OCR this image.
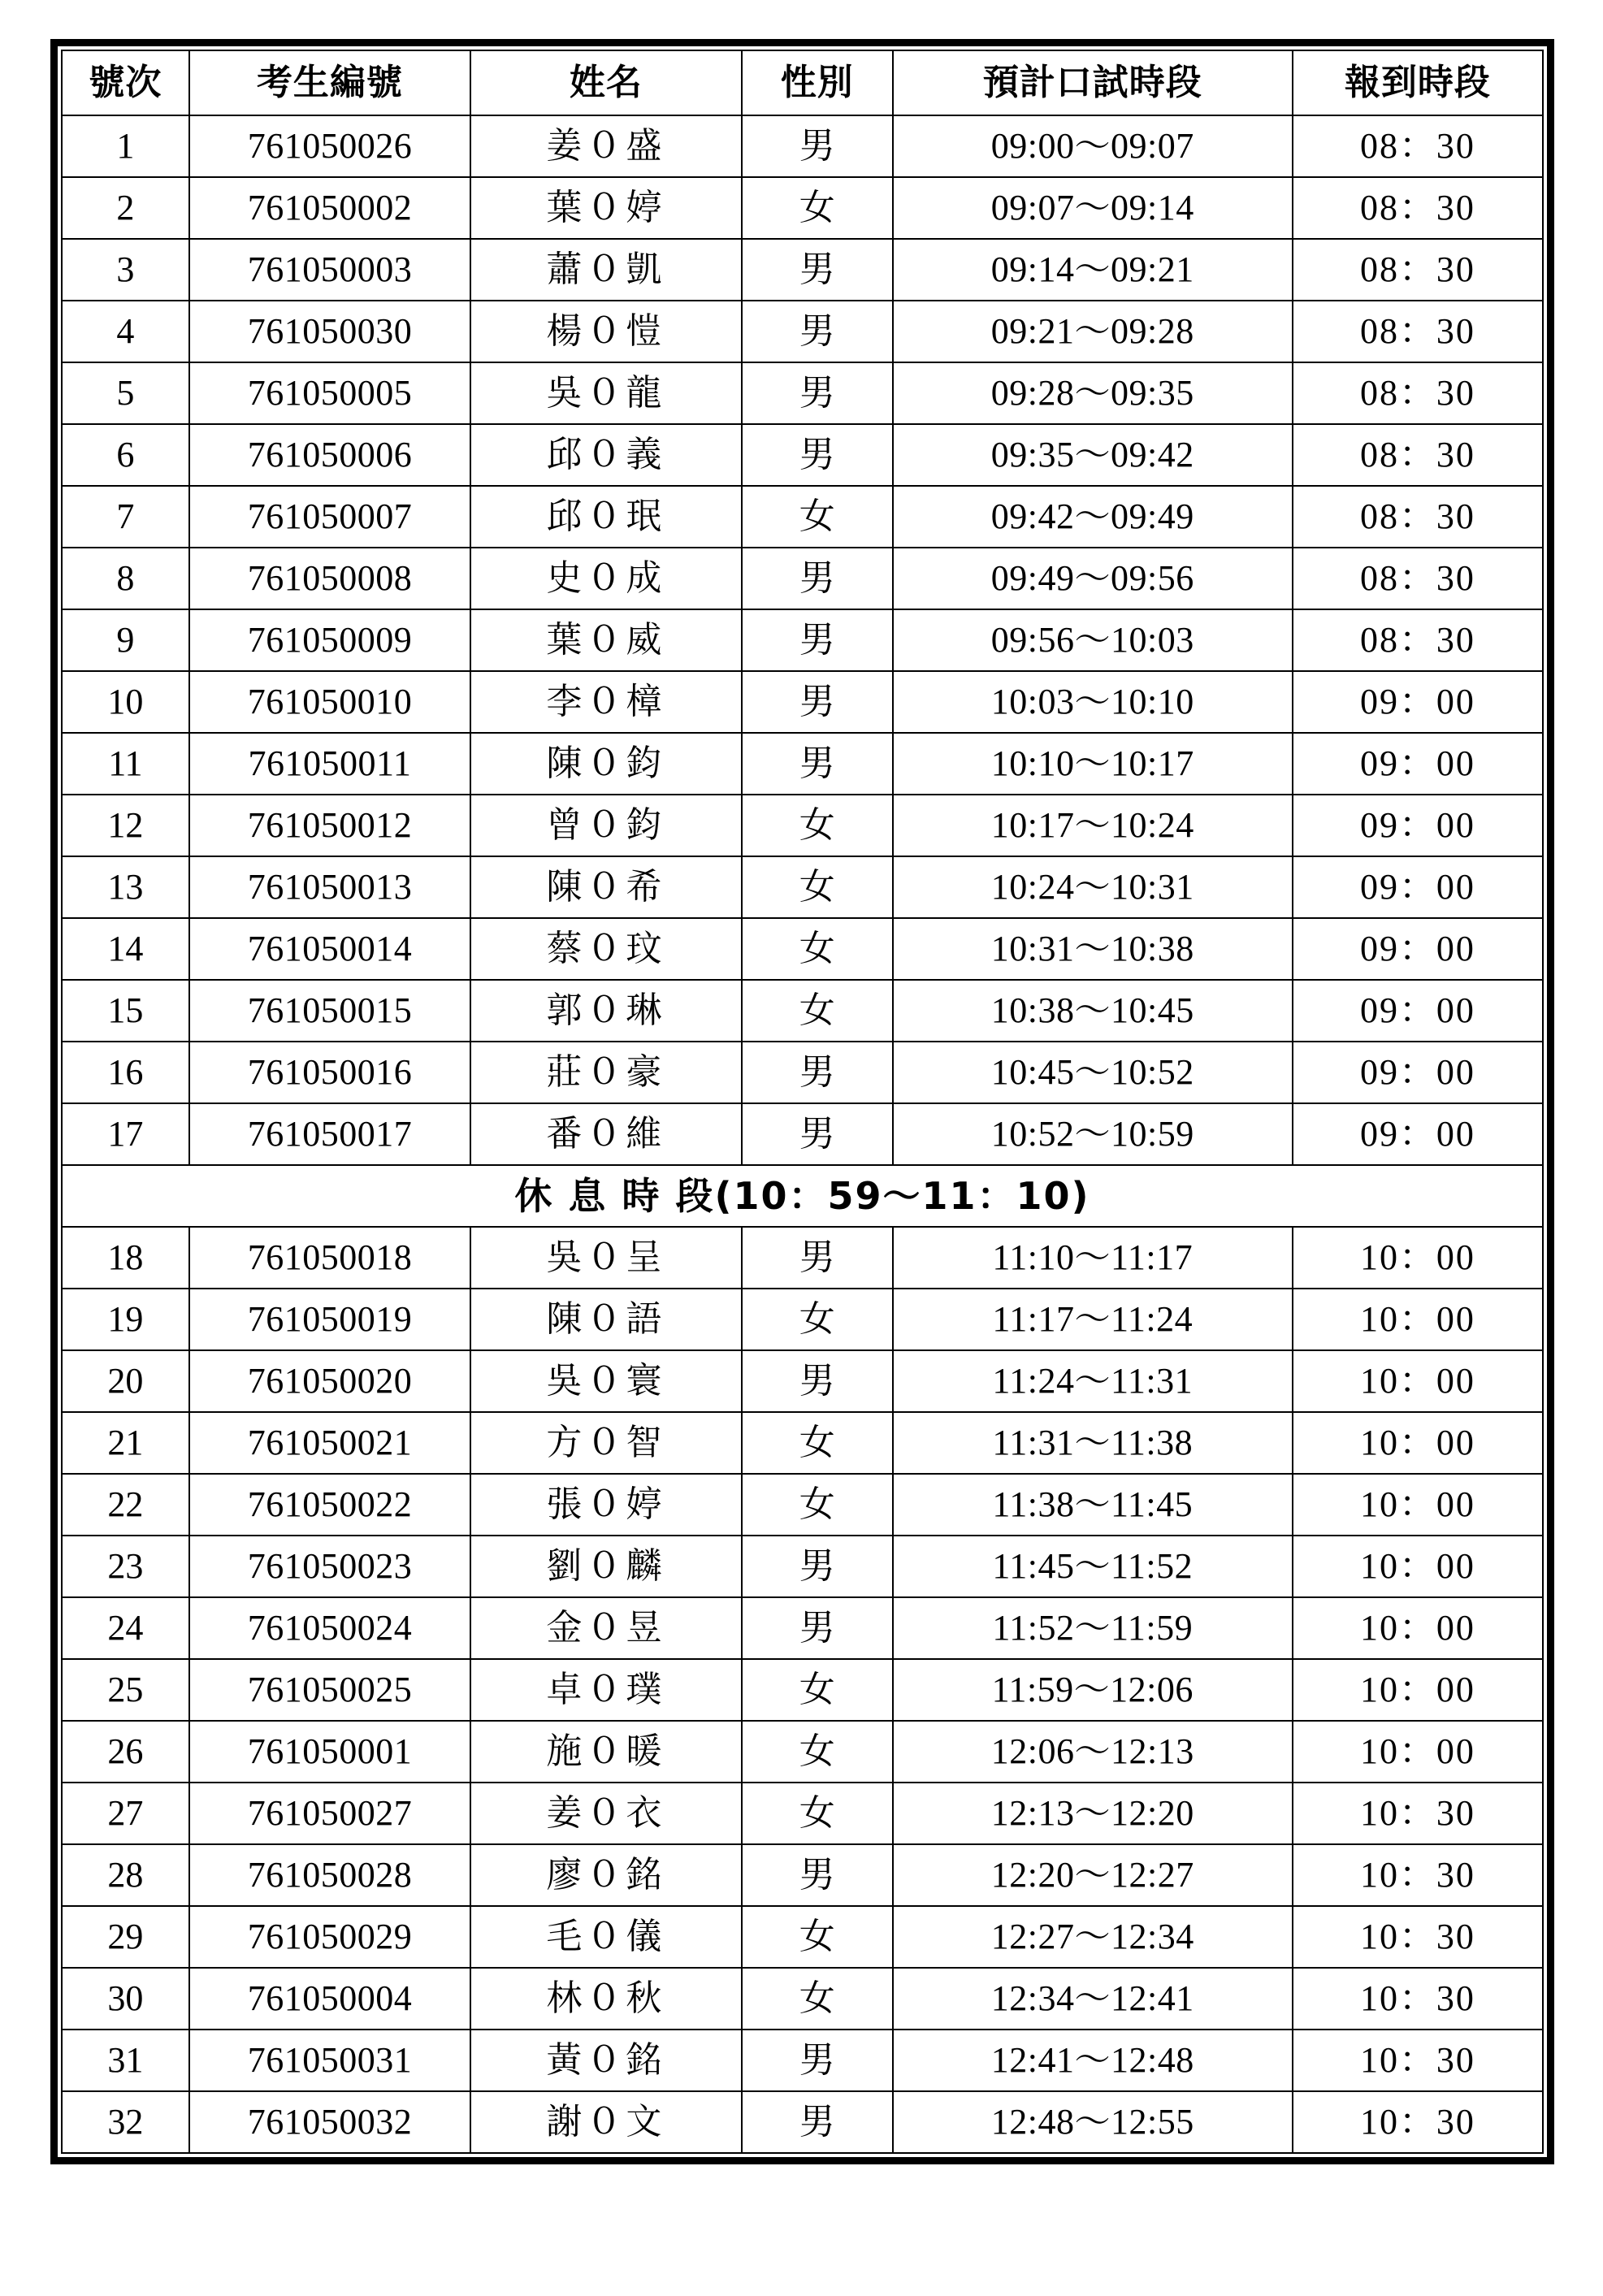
號次	考生編號	姓名	性別	預計口試時段	報到時段
1	761050026	姜０盛	男	09:00～09:07	08：30
2	761050002	葉０婷	女	09:07～09:14	08：30
3	761050003	蕭０凱	男	09:14～09:21	08：30
4	761050030	楊０愷	男	09:21～09:28	08：30
5	761050005	吳０龍	男	09:28～09:35	08：30
6	761050006	邱０義	男	09:35～09:42	08：30
7	761050007	邱０珉	女	09:42～09:49	08：30
8	761050008	史０成	男	09:49～09:56	08：30
9	761050009	葉０威	男	09:56～10:03	08：30
10	761050010	李０樟	男	10:03～10:10	09：00
11	761050011	陳０鈞	男	10:10～10:17	09：00
12	761050012	曾０鈞	女	10:17～10:24	09：00
13	761050013	陳０希	女	10:24～10:31	09：00
14	761050014	蔡０玟	女	10:31～10:38	09：00
15	761050015	郭０琳	女	10:38～10:45	09：00
16	761050016	莊０豪	男	10:45～10:52	09：00
17	761050017	番０維	男	10:52～10:59	09：00
休 息 時 段(10：59～11：10)					
18	761050018	吳０呈	男	11:10～11:17	10：00
19	761050019	陳０語	女	11:17～11:24	10：00
20	761050020	吳０寰	男	11:24～11:31	10：00
21	761050021	方０智	女	11:31～11:38	10：00
22	761050022	張０婷	女	11:38～11:45	10：00
23	761050023	劉０麟	男	11:45～11:52	10：00
24	761050024	金０昱	男	11:52～11:59	10：00
25	761050025	卓０璞	女	11:59～12:06	10：00
26	761050001	施０暖	女	12:06～12:13	10：00
27	761050027	姜０衣	女	12:13～12:20	10：30
28	761050028	廖０銘	男	12:20～12:27	10：30
29	761050029	毛０儀	女	12:27～12:34	10：30
30	761050004	林０秋	女	12:34～12:41	10：30
31	761050031	黃０銘	男	12:41～12:48	10：30
32	761050032	謝０文	男	12:48～12:55	10：30
